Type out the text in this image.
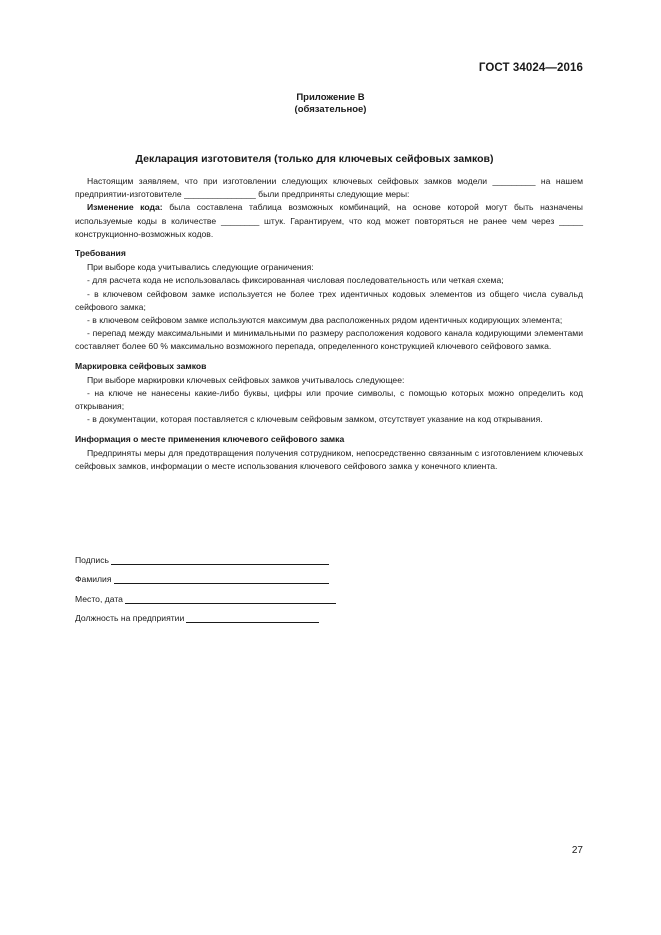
ГОСТ 34024—2016
Приложение В
(обязательное)
Декларация изготовителя (только для ключевых сейфовых замков)

Настоящим заявляем, что при изготовлении следующих ключевых сейфовых замков модели _________ на нашем предприятии-изготовителе _______________ были предприняты следующие меры:

Изменение кода: была составлена таблица возможных комбинаций, на основе которой могут быть назначены используемые коды в количестве ________ штук. Гарантируем, что код может повторяться не ранее чем через _____ конструкционно-возможных кодов.

Требования

При выборе кода учитывались следующие ограничения:

- для расчета кода не использовалась фиксированная числовая последовательность или четкая схема;

- в ключевом сейфовом замке используется не более трех идентичных кодовых элементов из общего числа сувальд сейфового замка;

- в ключевом сейфовом замке используются максимум два расположенных рядом идентичных кодирующих элемента;

- перепад между максимальными и минимальными по размеру расположения кодового канала кодирующими элементами составляет более 60 % максимально возможного перепада, определенного конструкцией ключевого сейфового замка.

Маркировка сейфовых замков

При выборе маркировки ключевых сейфовых замков учитывалось следующее:

- на ключе не нанесены какие-либо буквы, цифры или прочие символы, с помощью которых можно определить код открывания;

- в документации, которая поставляется с ключевым сейфовым замком, отсутствует указание на код открывания.

Информация о месте применения ключевого сейфового замка

Предприняты меры для предотвращения получения сотрудником, непосредственно связанным с изготовлением ключевых сейфовых замков, информации о месте использования ключевого сейфового замка у конечного клиента.

Подпись
Фамилия
Место, дата
Должность на предприятии
27
